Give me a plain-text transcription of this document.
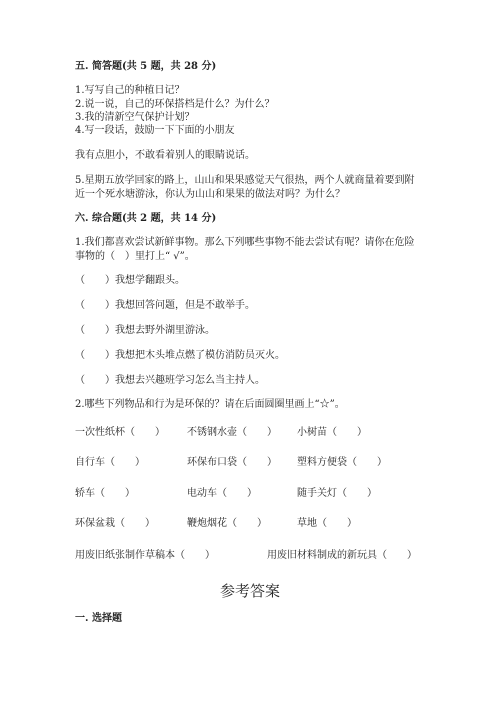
五. 简答题(共 5 题，共 28 分)
1.写写自己的种植日记？
2.说一说，自己的环保搭档是什么？为什么？
3.我的清新空气保护计划？
4.写一段话，鼓励一下下面的小朋友
我有点胆小，不敢看着别人的眼睛说话。
5.星期五放学回家的路上，山山和果果感觉天气很热，两个人就商量着要到附
近一个死水塘游泳，你认为山山和果果的做法对吗？为什么？
六. 综合题(共 2 题，共 14 分)
1.我们都喜欢尝试新鲜事物。那么下列哪些事物不能去尝试有呢？请你在危险
事物的（　）里打上“ √”。
（　　）我想学翻跟头。
（　　）我想回答问题，但是不敢举手。
（　　）我想去野外湖里游泳。
（　　）我想把木头堆点燃了模仿消防员灭火。
（　　）我想去兴趣班学习怎么当主持人。
2.哪些下列物品和行为是环保的？请在后面圆圈里画上“☆”。
一次性纸杯（　　） 不锈钢水壶（　　） 小树苗（　　）
自行车（　　）	环保布口袋（　　） 塑料方便袋（　　）
轿车（　　）	电动车（　　）	随手关灯（　　）
环保盆栽（　　）	鞭炮烟花（　　）	草地（　　）
用废旧纸张制作草稿本（　　）	用废旧材料制成的新玩具（　　）
参考答案
一. 选择题
